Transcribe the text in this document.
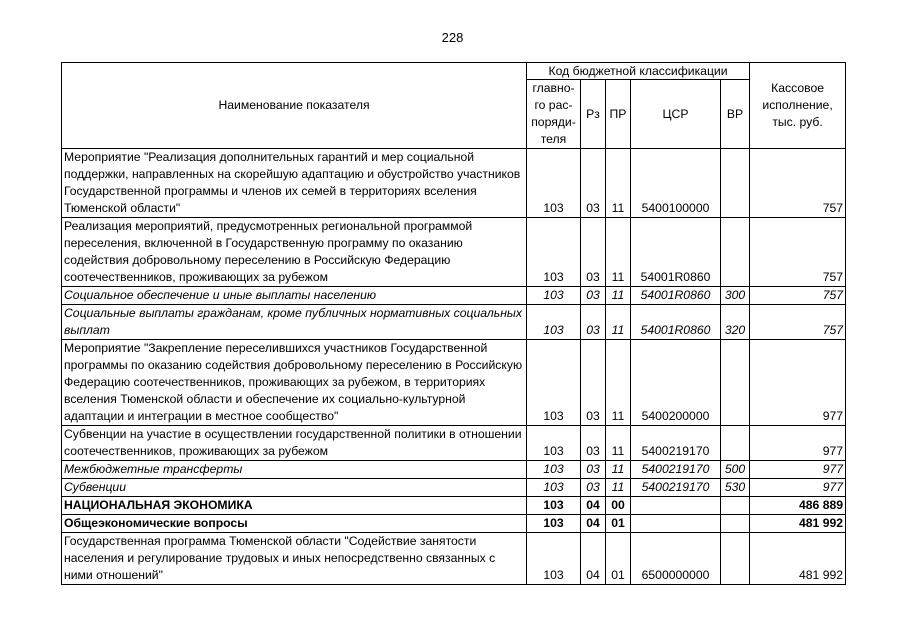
228
Наименование показателя	Код бюджетной классификации					Кассовое исполнение, тыс. руб.
	главно-го рас-поряди-теля	Рз	ПР	ЦСР	ВР	
Мероприятие "Реализация дополнительных гарантий и мер социальной поддержки, направленных на скорейшую адаптацию и обустройство участников Государственной программы и членов их семей в территориях вселения Тюменской области"	103	03	11	5400100000		757
Реализация мероприятий, предусмотренных региональной программой переселения, включенной в Государственную программу по оказанию содействия добровольному переселению в Российскую Федерацию соотечественников, проживающих за рубежом	103	03	11	54001R0860		757
Социальное обеспечение и иные выплаты населению	103	03	11	54001R0860	300	757
Социальные выплаты гражданам, кроме публичных нормативных социальных выплат	103	03	11	54001R0860	320	757
Мероприятие "Закрепление переселившихся участников Государственной программы по оказанию содействия добровольному переселению в Российскую Федерацию соотечественников, проживающих за рубежом, в территориях вселения Тюменской области и обеспечение их социально-культурной адаптации и интеграции в местное сообщество"	103	03	11	5400200000		977
Субвенции на участие в осуществлении государственной политики в отношении соотечественников, проживающих за рубежом	103	03	11	5400219170		977
Межбюджетные трансферты	103	03	11	5400219170	500	977
Субвенции	103	03	11	5400219170	530	977
НАЦИОНАЛЬНАЯ ЭКОНОМИКА	103	04	00			486 889
Общеэкономические вопросы	103	04	01			481 992
Государственная программа Тюменской области "Содействие занятости населения и регулирование трудовых и иных непосредственно связанных с ними отношений"	103	04	01	6500000000		481 992
